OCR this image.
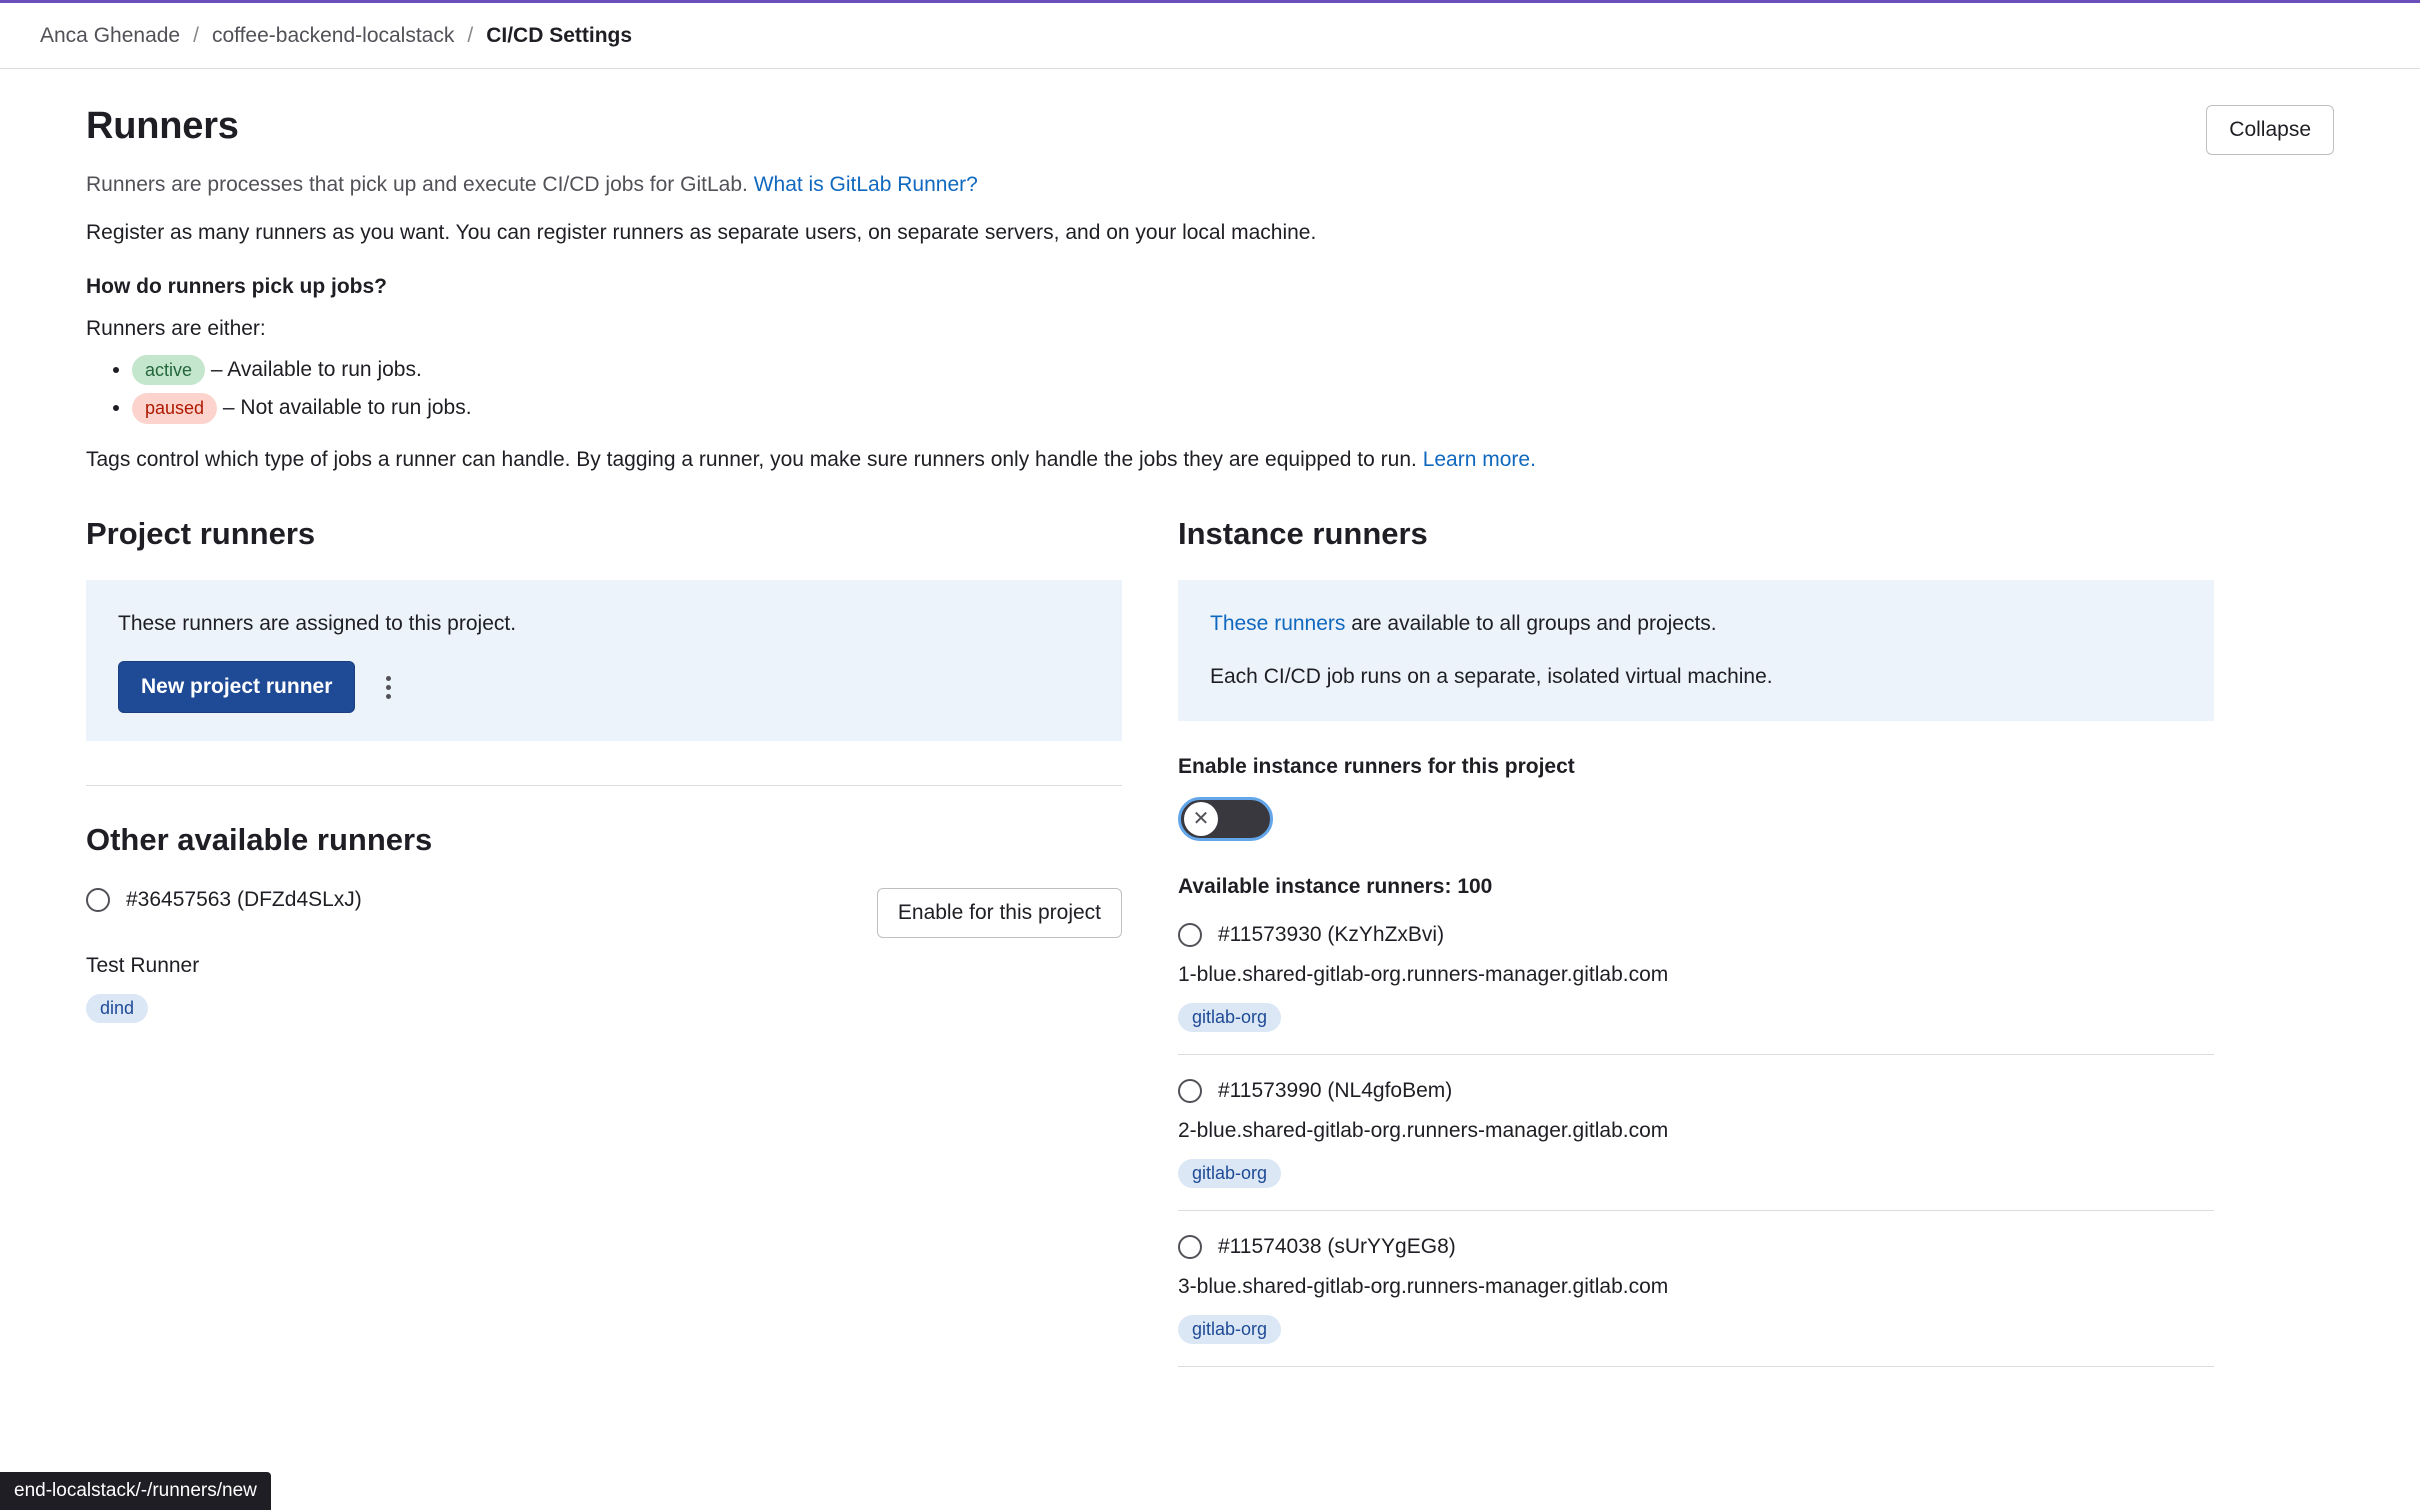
Anca Ghenade / coffee-backend-localstack / CI/CD Settings
Runners	Collapse
Runners are processes that pick up and execute CI/CD jobs for GitLab. What is GitLab Runner?
Register as many runners as you want. You can register runners as separate users, on separate servers, and on your local machine.
How do runners pick up jobs?
Runners are either:
• active – Available to run jobs.
• paused – Not available to run jobs.
Tags control which type of jobs a runner can handle. By tagging a runner, you make sure runners only handle the jobs they are equipped to run. Learn more.
Project runners

These runners are assigned to this project.

New project runner
Other available runners
#36457563 (DFZd4SLxJ)
Enable for this project
Test Runner
dind
Instance runners

These runners are available to all groups and projects.

Each CI/CD job runs on a separate, isolated virtual machine.

Enable instance runners for this project
✕
Available instance runners: 100
#11573930 (KzYhZxBvi)
1-blue.shared-gitlab-org.runners-manager.gitlab.com
gitlab-org
#11573990 (NL4gfoBem)
2-blue.shared-gitlab-org.runners-manager.gitlab.com
gitlab-org
#11574038 (sUrYYgEG8)
3-blue.shared-gitlab-org.runners-manager.gitlab.com
gitlab-org
end-localstack/-/runners/new
